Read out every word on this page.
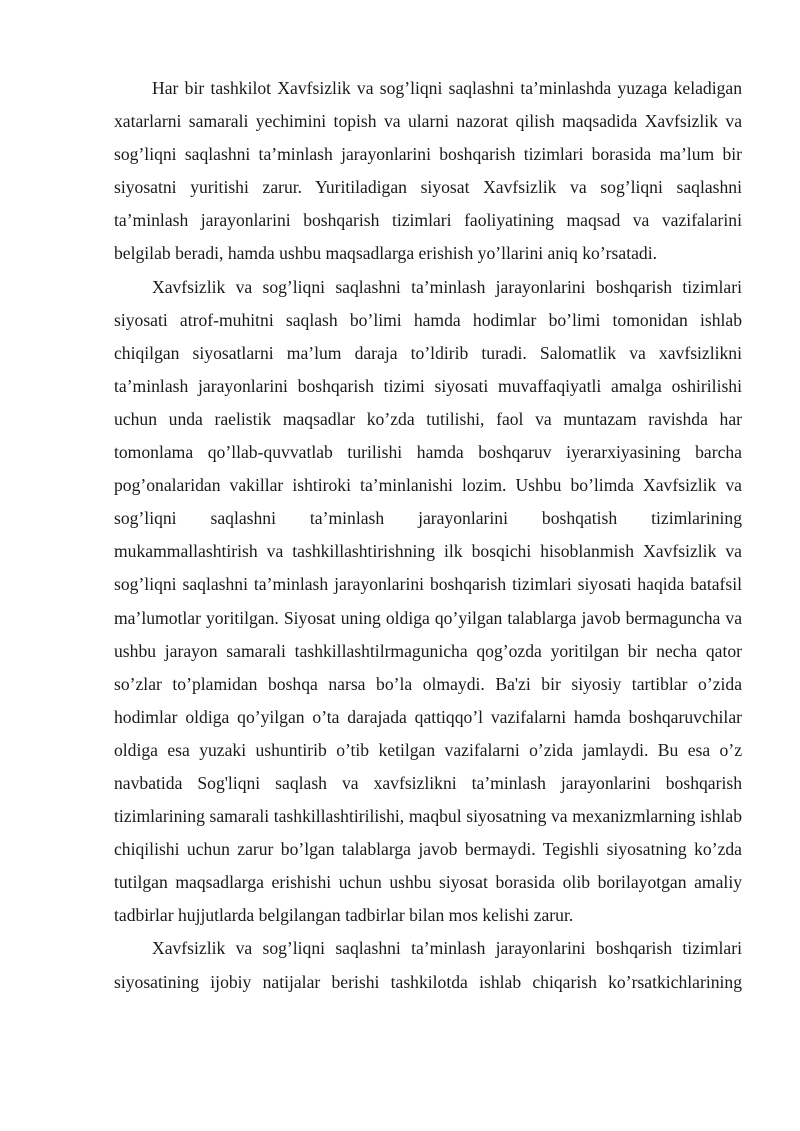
Har bir tashkilot Xavfsizlik va sog’liqni saqlashni ta’minlashda yuzaga keladigan xatarlarni samarali yechimini topish va ularni nazorat qilish maqsadida Xavfsizlik va sog’liqni saqlashni ta’minlash jarayonlarini boshqarish tizimlari borasida ma’lum bir siyosatni yuritishi zarur. Yuritiladigan siyosat Xavfsizlik va sog’liqni saqlashni ta’minlash jarayonlarini boshqarish tizimlari faoliyatining maqsad va vazifalarini belgilab beradi, hamda ushbu maqsadlarga erishish yo’llarini aniq ko’rsatadi.

Xavfsizlik va sog’liqni saqlashni ta’minlash jarayonlarini boshqarish tizimlari siyosati atrof-muhitni saqlash bo’limi hamda hodimlar bo’limi tomonidan ishlab chiqilgan siyosatlarni ma’lum daraja to’ldirib turadi. Salomatlik va xavfsizlikni ta’minlash jarayonlarini boshqarish tizimi siyosati muvaffaqiyatli amalga oshirilishi uchun unda raelistik maqsadlar ko’zda tutilishi, faol va muntazam ravishda har tomonlama qo’llab-quvvatlab turilishi hamda boshqaruv iyerarxiyasining barcha pog’onalaridan vakillar ishtiroki ta’minlanishi lozim. Ushbu bo’limda Xavfsizlik va sog’liqni saqlashni ta’minlash jarayonlarini boshqatish tizimlarining mukammallashtirish va tashkillashtirishning ilk bosqichi hisoblanmish Xavfsizlik va sog’liqni saqlashni ta’minlash jarayonlarini boshqarish tizimlari siyosati haqida batafsil ma’lumotlar yoritilgan. Siyosat uning oldiga qo’yilgan talablarga javob bermaguncha va ushbu jarayon samarali tashkillashtilrmagunicha qog’ozda yoritilgan bir necha qator so’zlar to’plamidan boshqa narsa bo’la olmaydi. Ba'zi bir siyosiy tartiblar o’zida hodimlar oldiga qo’yilgan o’ta darajada qattiqqo’l vazifalarni hamda boshqaruvchilar oldiga esa yuzaki ushuntirib o’tib ketilgan vazifalarni o’zida jamlaydi. Bu esa o’z navbatida Sog'liqni saqlash va xavfsizlikni ta’minlash jarayonlarini boshqarish tizimlarining samarali tashkillashtirilishi, maqbul siyosatning va mexanizmlarning ishlab chiqilishi uchun zarur bo’lgan talablarga javob bermaydi. Tegishli siyosatning ko’zda tutilgan maqsadlarga erishishi uchun ushbu siyosat borasida olib borilayotgan amaliy tadbirlar hujjutlarda belgilangan tadbirlar bilan mos kelishi zarur.

Xavfsizlik va sog’liqni saqlashni ta’minlash jarayonlarini boshqarish tizimlari siyosatining ijobiy natijalar berishi tashkilotda ishlab chiqarish ko’rsatkichlarining
